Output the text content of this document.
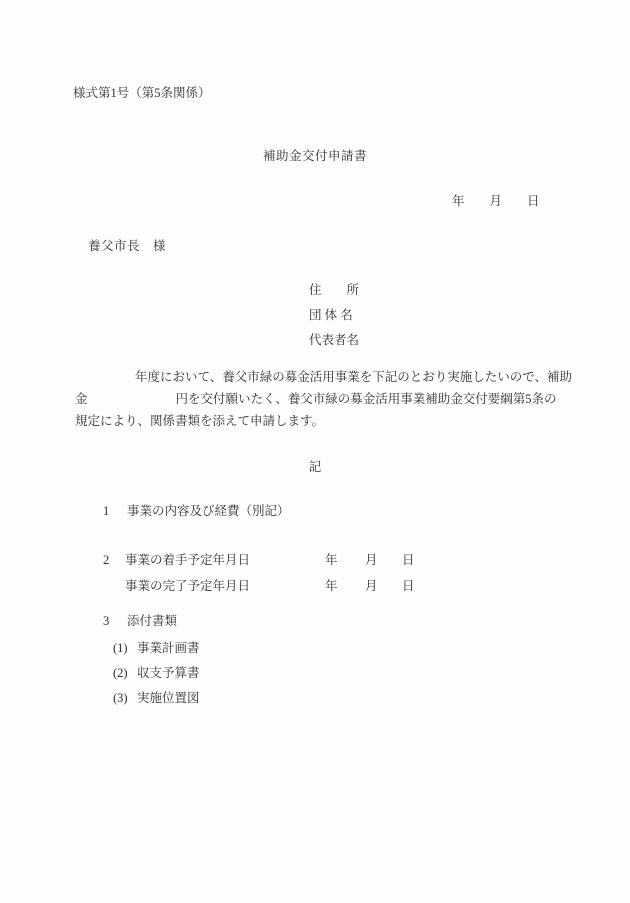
様式第1号（第5条関係）
補助金交付申請書
年　　月　　日
養父市長　様
住　　所
団 体 名
代表者名
年度において、養父市緑の募金活用事業を下記のとおり実施したいので、補助
金	円を交付願いたく、養父市緑の募金活用事業補助金交付要綱第5条の
規定により、関係書類を添えて申請します。
記
1 事業の内容及び経費（別記）
2 事業の着手予定年月日	年 月 日
事業の完了予定年月日	年 月 日
3 添付書類
(1) 事業計画書
(2) 収支予算書
(3) 実施位置図
